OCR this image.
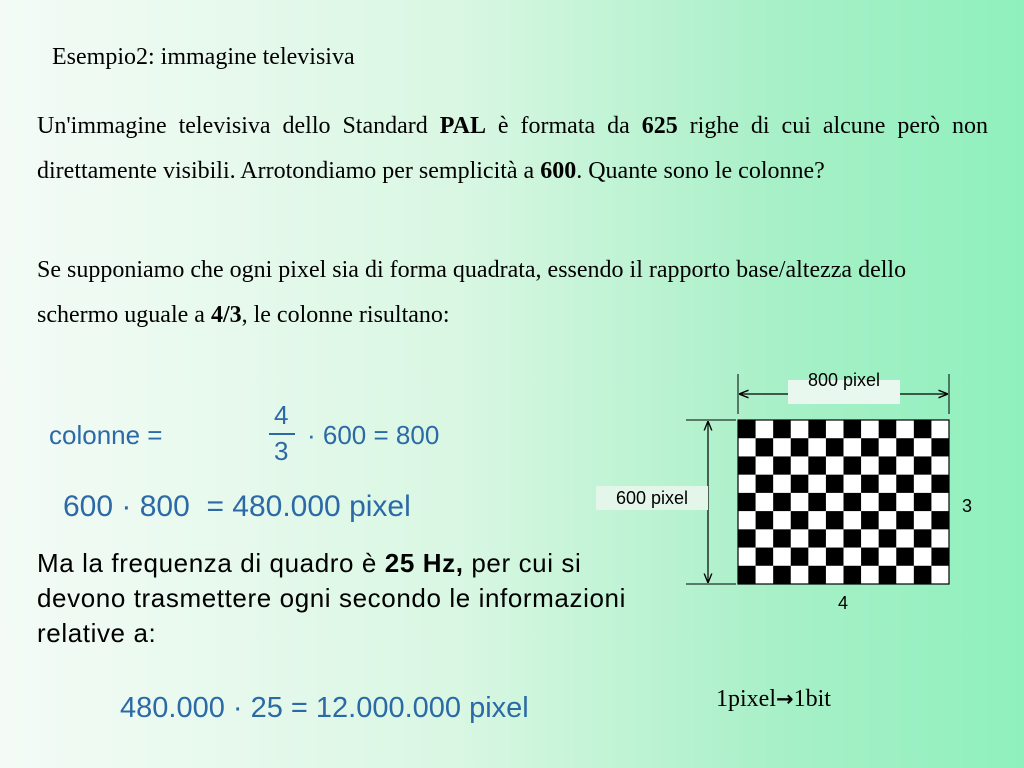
Esempio2: immagine televisiva
Un'immagine televisiva dello Standard PAL è formata da 625 righe di cui alcune però non direttamente visibili. Arrotondiamo per semplicità a 600. Quante sono le colonne?
Se supponiamo che ogni pixel sia di forma quadrata, essendo il rapporto base/altezza dello schermo uguale a 4/3, le colonne risultano:
colonne =
4
3
· 600 = 800
600 · 800  = 480.000 pixel
Ma la frequenza di quadro è 25 Hz, per cui si devono trasmettere ogni secondo le informazioni relative a:
480.000 · 25 = 12.000.000 pixel	1pixel→1bit
800 pixel
600 pixel	3
4
